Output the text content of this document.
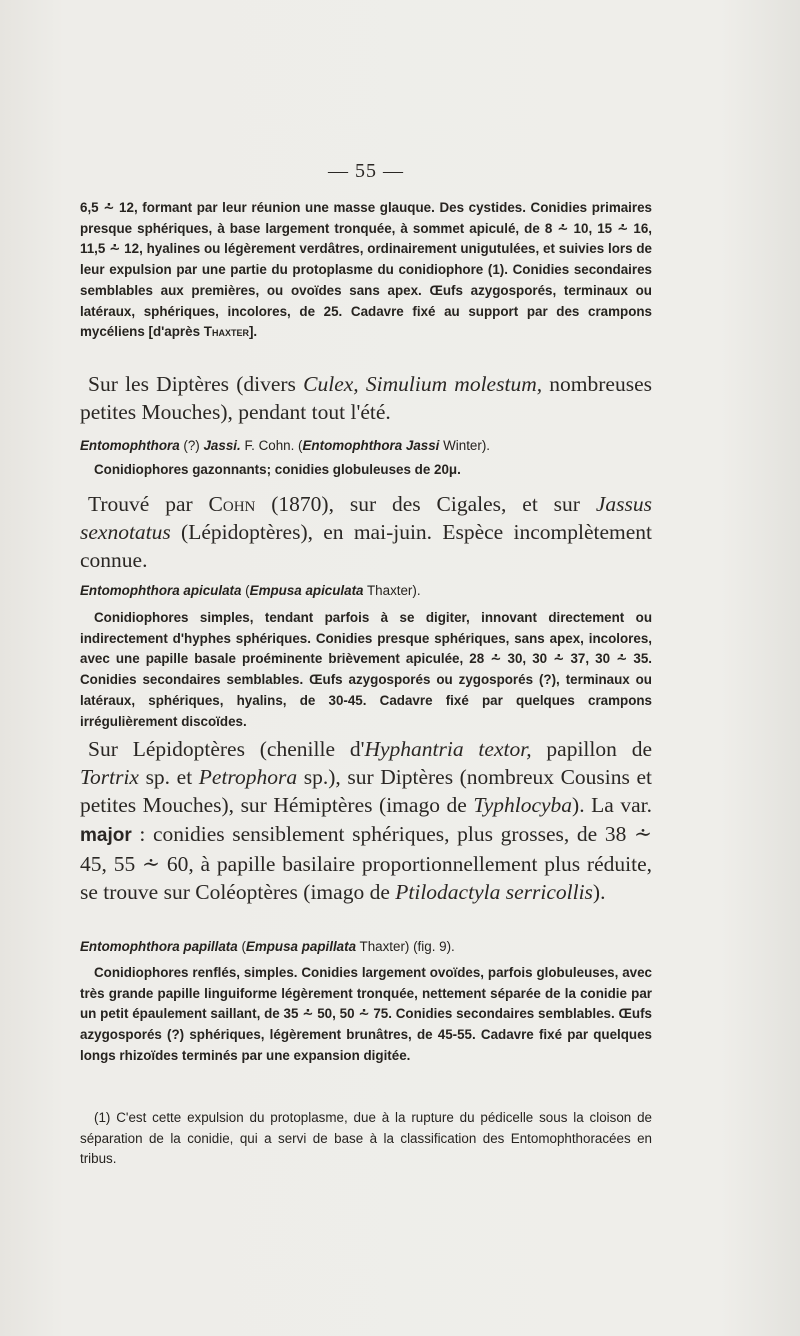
— 55 —

6,5 ⩪ 12, formant par leur réunion une masse glauque. Des cystides. Conidies primaires presque sphériques, à base largement tronquée, à sommet apiculé, de 8 ⩪ 10, 15 ⩪ 16, 11,5 ⩪ 12, hyalines ou légèrement verdâtres, ordinairement unigutulées, et suivies lors de leur expulsion par une partie du protoplasme du conidiophore (1). Conidies secondaires semblables aux premières, ou ovoïdes sans apex. Œufs azygosporés, terminaux ou latéraux, sphériques, incolores, de 25. Cadavre fixé au support par des crampons mycéliens [d'après Thaxter].

Sur les Diptères (divers Culex, Simulium molestum, nombreuses petites Mouches), pendant tout l'été.

Entomophthora (?) Jassi. F. Cohn. (Entomophthora Jassi Winter).

Conidiophores gazonnants; conidies globuleuses de 20μ.

Trouvé par Cohn (1870), sur des Cigales, et sur Jassus sexnotatus (Lépidoptères), en mai-juin. Espèce incomplètement connue.

Entomophthora apiculata (Empusa apiculata Thaxter).

Conidiophores simples, tendant parfois à se digiter, innovant directement ou indirectement d'hyphes sphériques. Conidies presque sphériques, sans apex, incolores, avec une papille basale proéminente brièvement apiculée, 28 ⩪ 30, 30 ⩪ 37, 30 ⩪ 35. Conidies secondaires semblables. Œufs azygosporés ou zygosporés (?), terminaux ou latéraux, sphériques, hyalins, de 30-45. Cadavre fixé par quelques crampons irrégulièrement discoïdes.

Sur Lépidoptères (chenille d'Hyphantria textor, papillon de Tortrix sp. et Petrophora sp.), sur Diptères (nombreux Cousins et petites Mouches), sur Hémiptères (imago de Typhlocyba). La var. major : conidies sensiblement sphériques, plus grosses, de 38 ⩪ 45, 55 ⩪ 60, à papille basilaire proportionnellement plus réduite, se trouve sur Coléoptères (imago de Ptilodactyla serricollis).

Entomophthora papillata (Empusa papillata Thaxter) (fig. 9).

Conidiophores renflés, simples. Conidies largement ovoïdes, parfois globuleuses, avec très grande papille linguiforme légèrement tronquée, nettement séparée de la conidie par un petit épaulement saillant, de 35 ⩪ 50, 50 ⩪ 75. Conidies secondaires semblables. Œufs azygosporés (?) sphériques, légèrement brunâtres, de 45-55. Cadavre fixé par quelques longs rhizoïdes terminés par une expansion digitée.

(1) C'est cette expulsion du protoplasme, due à la rupture du pédicelle sous la cloison de séparation de la conidie, qui a servi de base à la classification des Entomophthoracées en tribus.
